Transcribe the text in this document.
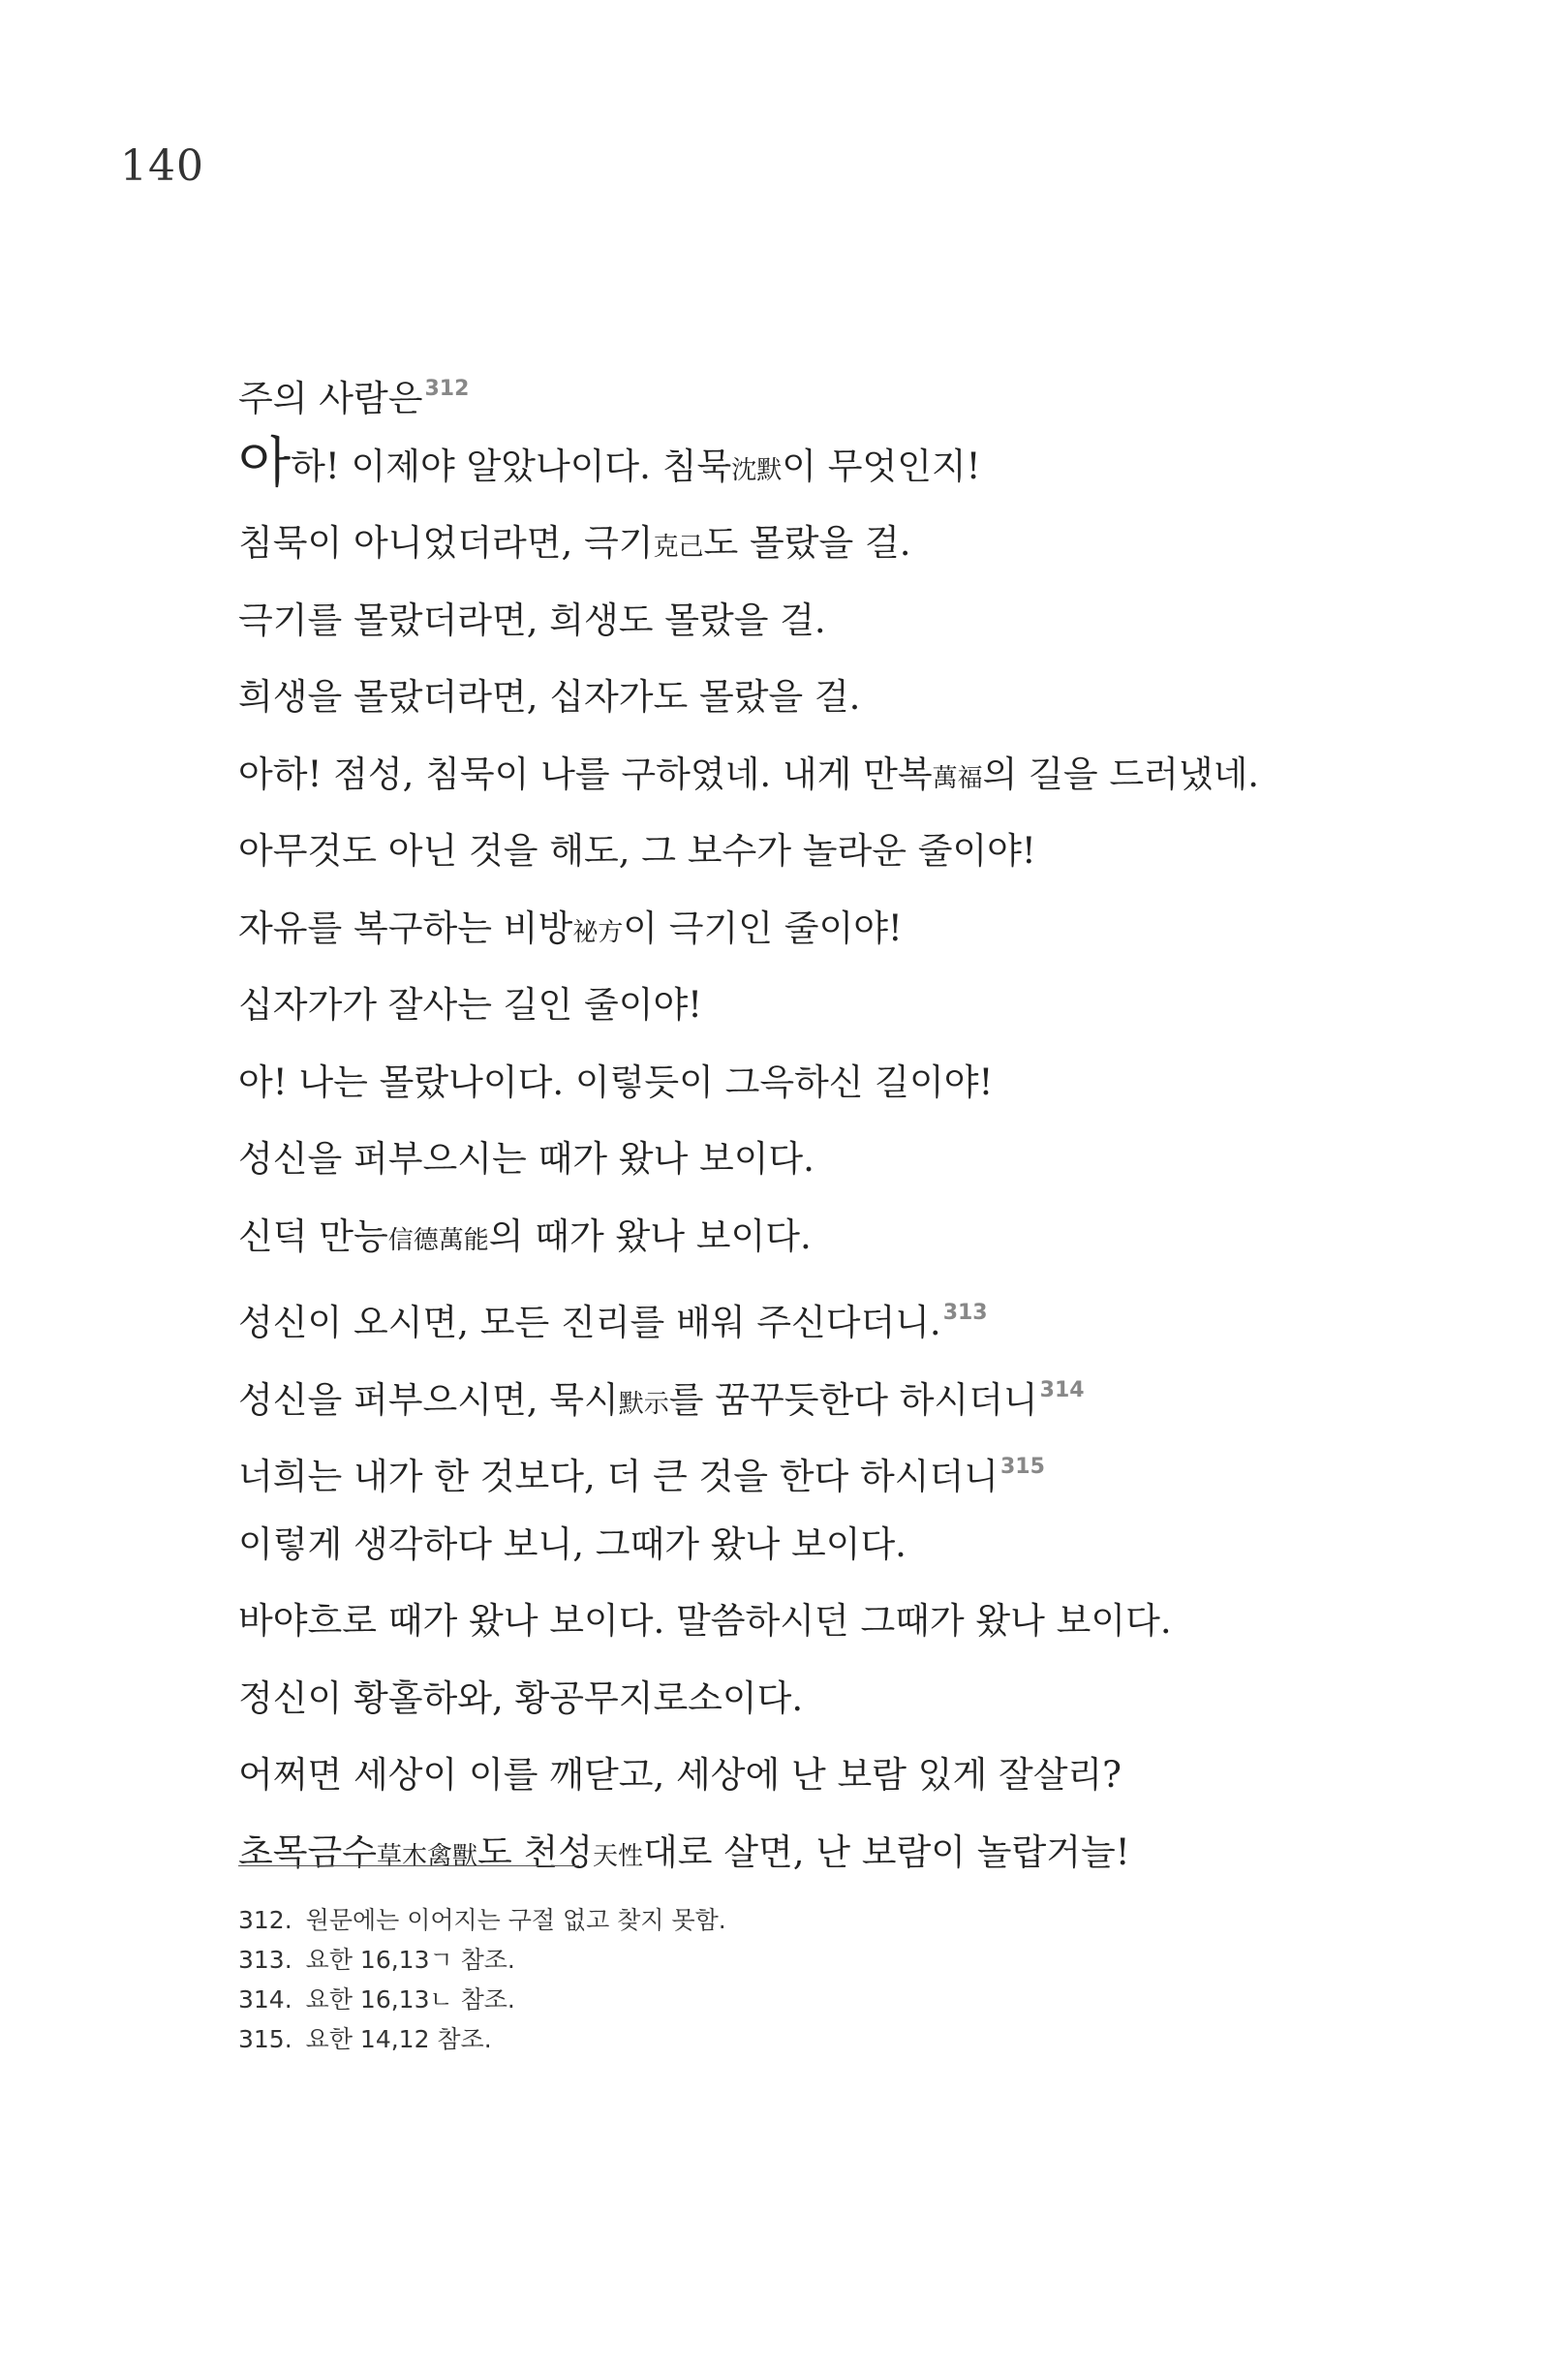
140
주의 사람은$^{312}$
아하! 이제야 알았나이다. 침묵沈默이 무엇인지!
침묵이 아니었더라면, 극기克己도 몰랐을 걸.
극기를 몰랐더라면, 희생도 몰랐을 걸.
희생을 몰랐더라면, 십자가도 몰랐을 걸.
아하! 점성, 침묵이 나를 구하였네. 내게 만복萬福의 길을 드러냈네.
아무것도 아닌 것을 해도, 그 보수가 놀라운 줄이야!
자유를 복구하는 비방祕方이 극기인 줄이야!
십자가가 잘사는 길인 줄이야!
아! 나는 몰랐나이다. 이렇듯이 그윽하신 길이야!
성신을 퍼부으시는 때가 왔나 보이다.
신덕 만능信德萬能의 때가 왔나 보이다.
성신이 오시면, 모든 진리를 배워 주신다더니.$^{313}$
성신을 퍼부으시면, 묵시默示를 꿈꾸듯한다 하시더니$^{314}$
너희는 내가 한 것보다, 더 큰 것을 한다 하시더니$^{315}$
이렇게 생각하다 보니, 그때가 왔나 보이다.
바야흐로 때가 왔나 보이다. 말씀하시던 그때가 왔나 보이다.
정신이 황홀하와, 황공무지로소이다.
어쩌면 세상이 이를 깨닫고, 세상에 난 보람 있게 잘살리?
초목금수草木禽獸도 천성天性대로 살면, 난 보람이 놀랍거늘!
312. 원문에는 이어지는 구절 없고 찾지 못함.
313. 요한 16,13ㄱ 참조.
314. 요한 16,13ㄴ 참조.
315. 요한 14,12 참조.
